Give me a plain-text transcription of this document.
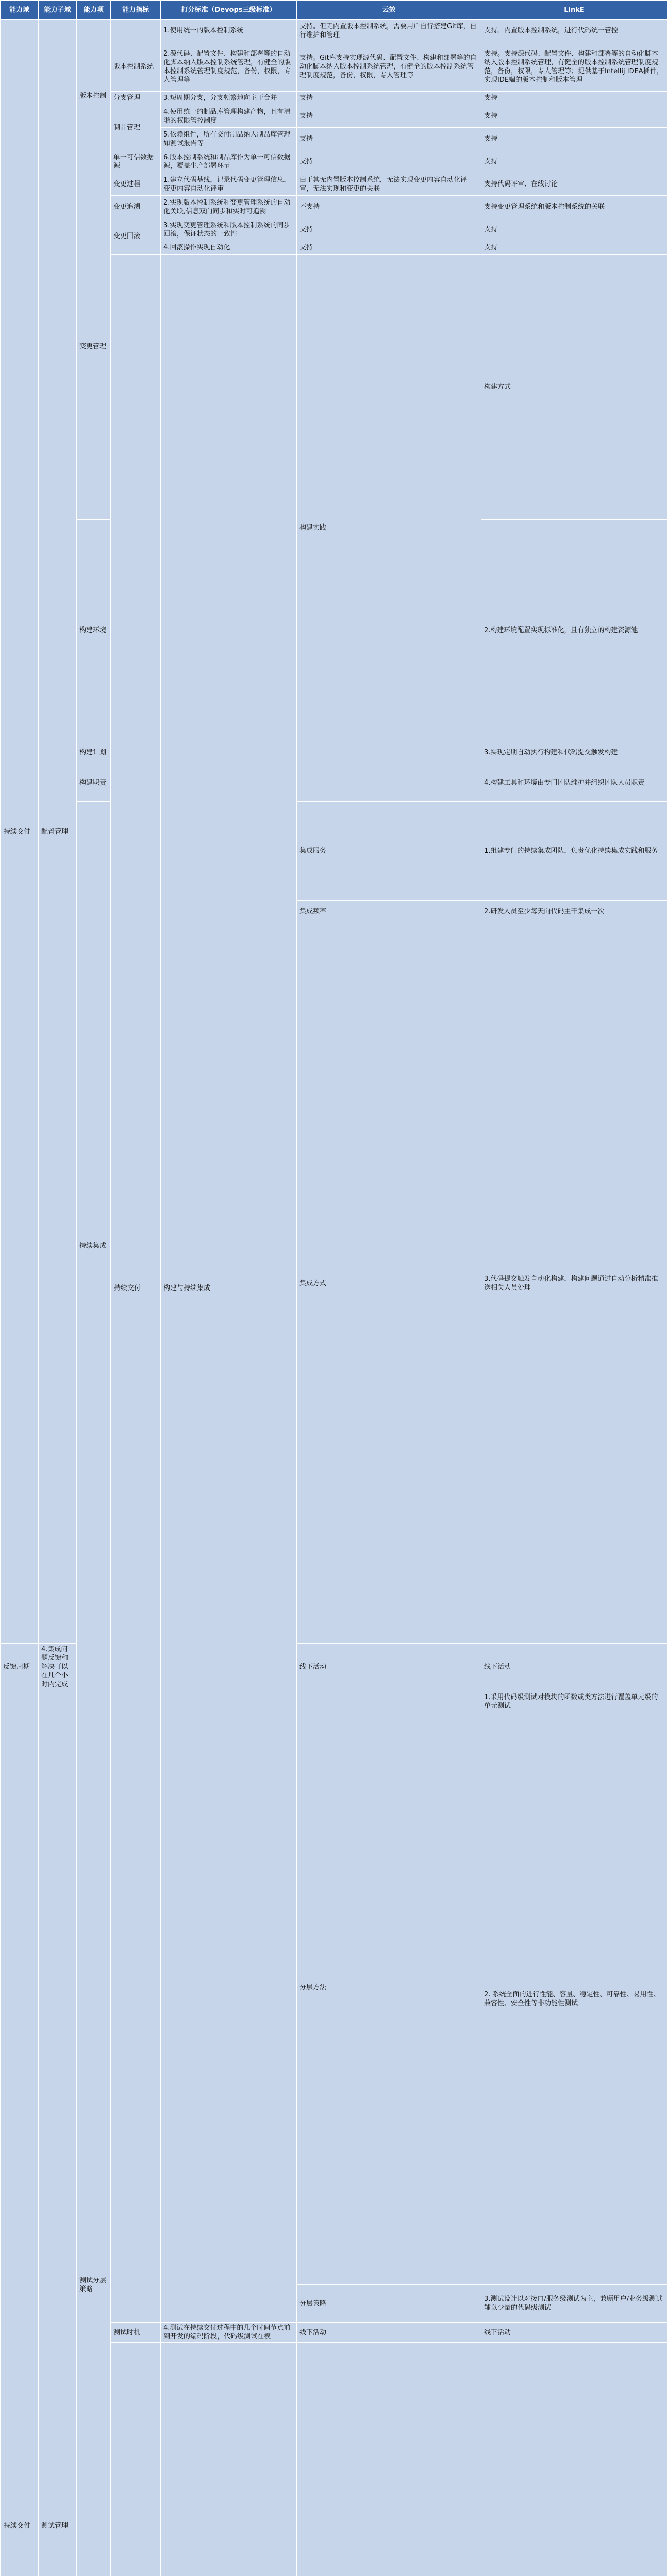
能力域	能力子域	能力项	能力指标	打分标准（Devops三级标准）	云效	LinkE	
持续交付	配置管理	版本控制		1.使用统一的版本控制系统	支持。但无内置版本控制系统，需要用户自行搭建Git库，自行维护和管理	支持。内置版本控制系统，进行代码统一管控	
			版本控制系统	2.源代码、配置文件、构建和部署等的自动化脚本纳入版本控制系统管理，有健全的版本控制系统管理制度规范，备份，权限，专人管理等	支持。Git库支持实现源代码、配置文件、构建和部署等的自动化脚本纳入版本控制系统管理，有健全的版本控制系统管理制度规范，备份，权限，专人管理等	支持。支持源代码、配置文件、构建和部署等的自动化脚本纳入版本控制系统管理，有健全的版本控制系统管理制度规范，备份，权限，专人管理等；提供基于Intellij IDEA插件，实现IDE端的版本控制和版本管理	
			分支管理	3.短周期分支，分支频繁地向主干合并	支持	支持	
			制品管理	4.使用统一的制品库管理构建产物，且有清晰的权限管控制度	支持	支持	
				5.依赖组件，所有交付制品纳入制品库管理如测试报告等	支持	支持	
			单一可信数据源	6.版本控制系统和制品库作为单一可信数据源，覆盖生产部署环节	支持	支持	
		变更管理	变更过程	1.建立代码基线，记录代码变更管理信息，变更内容自动化评审	由于其无内置版本控制系统，无法实现变更内容自动化评审，无法实现和变更的关联	支持代码评审、在线讨论	
			变更追溯	2.实现版本控制系统和变更管理系统的自动化关联,信息双向同步和实时可追溯	不支持	支持变更管理系统和版本控制系统的关联	
			变更回滚	3.实现变更管理系统和版本控制系统的同步回滚，保证状态的一致性	支持	支持	
				4.回滚操作实现自动化	支持	支持	
			持续交付	构建与持续集成	构建实践	构建方式			
		构建环境				2.构建环境配置实现标准化，且有独立的构建资源池		
		构建计划				3.实现定期自动执行构建和代码提交触发构建		
		构建职责				4.构建工具和环境由专门团队维护并组织团队人员职责		
		持续集成			集成服务	1.组建专门的持续集成团队，负责优化持续集成实践和服务		
					集成频率	2.研发人员至少每天向代码主干集成一次		
					集成方式	3.代码提交触发自动化构建，构建问题通过自动分析精准推送相关人员处理		
反馈周期	4.集成问题反馈和解决可以在几个小时内完成				线下活动	线下活动	
持续交付	测试管理	测试分层策略			分层方法	1.采用代码级测试对模块的函数或类方法进行覆盖单元级的单元测试		
						2. 系统全面的进行性能、容量、稳定性、可靠性、易用性、兼容性、安全性等非功能性测试		
					分层策略	3.测试设计以对接口/服务级测试为主，兼顾用户/业务级测试辅以少量的代码级测试		
			测试时机	4.测试在持续交付过程中的几个时间节点前到开发的编码阶段，代码级测试在模	线下活动	线下活动	
